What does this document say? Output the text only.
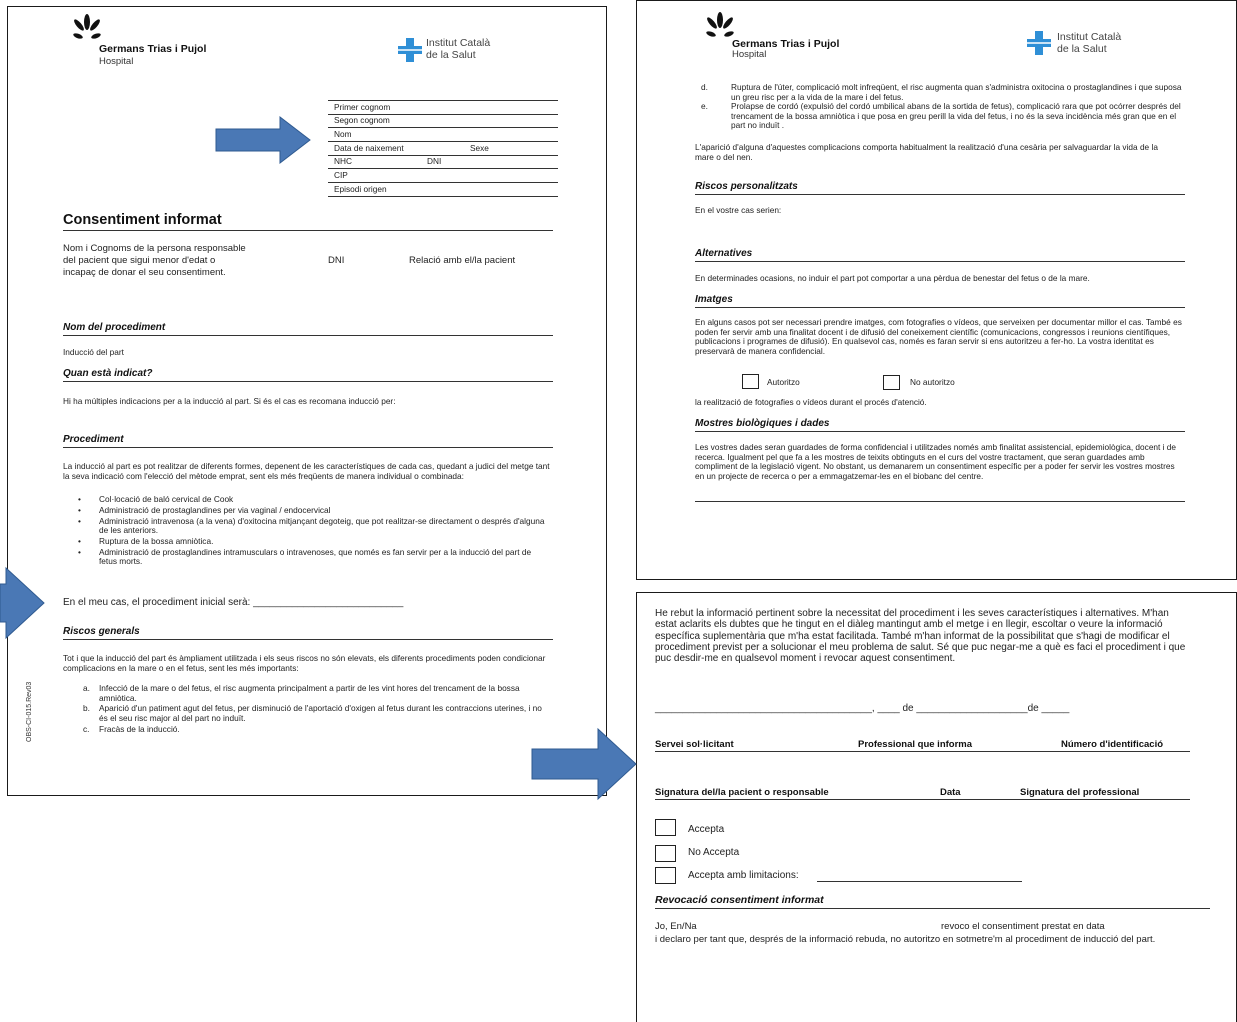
Germans Trias i Pujol
Hospital
Institut Català
de la Salut
Primer cognom
Segon cognom
Nom
Data de naixement	Sexe
NHC	DNI
CIP
Episodi origen
Consentiment informat
Nom i Cognoms de la persona responsable
del pacient que sigui menor d'edat o
incapaç de donar el seu consentiment.
DNI	Relació amb el/la pacient
Nom del procediment
Inducció del part
Quan està indicat?
Hi ha múltiples indicacions per a la inducció al part. Si és el cas es recomana inducció per:
Procediment
La inducció al part es pot realitzar de diferents formes, depenent de les característiques de cada cas, quedant a judici del metge tant la seva indicació com l'elecció del mètode emprat, sent els més freqüents de manera individual o combinada:
• Col·locació de baló cervical de Cook
• Administració de prostaglandines per via vaginal / endocervical
• Administració intravenosa (a la vena) d'oxitocina mitjançant degoteig, que pot realitzar-se directament o després d'alguna de les anteriors.
• Ruptura de la bossa amniòtica.
• Administració de prostaglandines intramusculars o intravenoses, que només es fan servir per a la inducció del part de fetus morts.
En el meu cas, el procediment inicial serà: ___________________________
Riscos generals
Tot i que la inducció del part és àmpliament utilitzada i els seus riscos no són elevats, els diferents procediments poden condicionar complicacions en la mare o en el fetus, sent les més importants:
a. Infecció de la mare o del fetus, el risc augmenta principalment a partir de les vint hores del trencament de la bossa amniòtica.
b. Aparició d'un patiment agut del fetus, per disminució de l'aportació d'oxigen al fetus durant les contraccions uterines, i no és el seu risc major al del part no induït.
c. Fracàs de la inducció.
OBS-CI-015.Rev03
Germans Trias i Pujol
Hospital
Institut Català
de la Salut
d.	Ruptura de l'úter, complicació molt infreqüent, el risc augmenta quan s'administra oxitocina o prostaglandines i que suposa un greu risc per a la vida de la mare i del fetus.
e.	Prolapse de cordó (expulsió del cordó umbilical abans de la sortida de fetus), complicació rara que pot ocórrer després del trencament de la bossa amniòtica i que posa en greu perill la vida del fetus, i no és la seva incidència més gran que en el part no induït .
L'aparició d'alguna d'aquestes complicacions comporta habitualment la realització d'una cesària per salvaguardar la vida de la mare o del nen.
Riscos personalitzats
En el vostre cas serien:
Alternatives
En determinades ocasions, no induir el part pot comportar a una pèrdua de benestar del fetus o de la mare.
Imatges
En alguns casos pot ser necessari prendre imatges, com fotografies o vídeos, que serveixen per documentar millor el cas. També es poden fer servir amb una finalitat docent i de difusió del coneixement científic (comunicacions, congressos i reunions científiques, publicacions i programes de difusió). En qualsevol cas, només es faran servir si ens autoritzeu a fer-ho. La vostra identitat es preservarà de manera confidencial.
Autoritzo	No autoritzo
la realització de fotografies o vídeos durant el procés d'atenció.
Mostres biològiques i dades
Les vostres dades seran guardades de forma confidencial i utilitzades només amb finalitat assistencial, epidemiològica, docent i de recerca. Igualment pel que fa a les mostres de teixits obtinguts en el curs del vostre tractament, que seran guardades amb compliment de la legislació vigent. No obstant, us demanarem un consentiment específic per a poder fer servir les vostres mostres en un projecte de recerca o per a emmagatzemar-les en el biobanc del centre.
He rebut la informació pertinent sobre la necessitat del procediment i les seves característiques i alternatives. M'han estat aclarits els dubtes que he tingut en el diàleg mantingut amb el metge i en llegir, escoltar o veure la informació específica suplementària que m'ha estat facilitada. També m'han informat de la possibilitat que s'hagi de modificar el procediment previst per a solucionar el meu problema de salut. Sé que puc negar-me a què es faci el procediment i que puc desdir-me en qualsevol moment i revocar aquest consentiment.
_______________________________________, ____ de ____________________de _____
Servei sol·licitant	Professional que informa	Número d'identificació
Signatura del/la pacient o responsable	Data	Signatura del professional
Accepta
No Accepta
Accepta amb limitacions:
Revocació consentiment informat
Jo, En/Na	revoco el consentiment prestat en data
i declaro per tant que, després de la informació rebuda, no autoritzo en sotmetre'm al procediment de inducció del part.
